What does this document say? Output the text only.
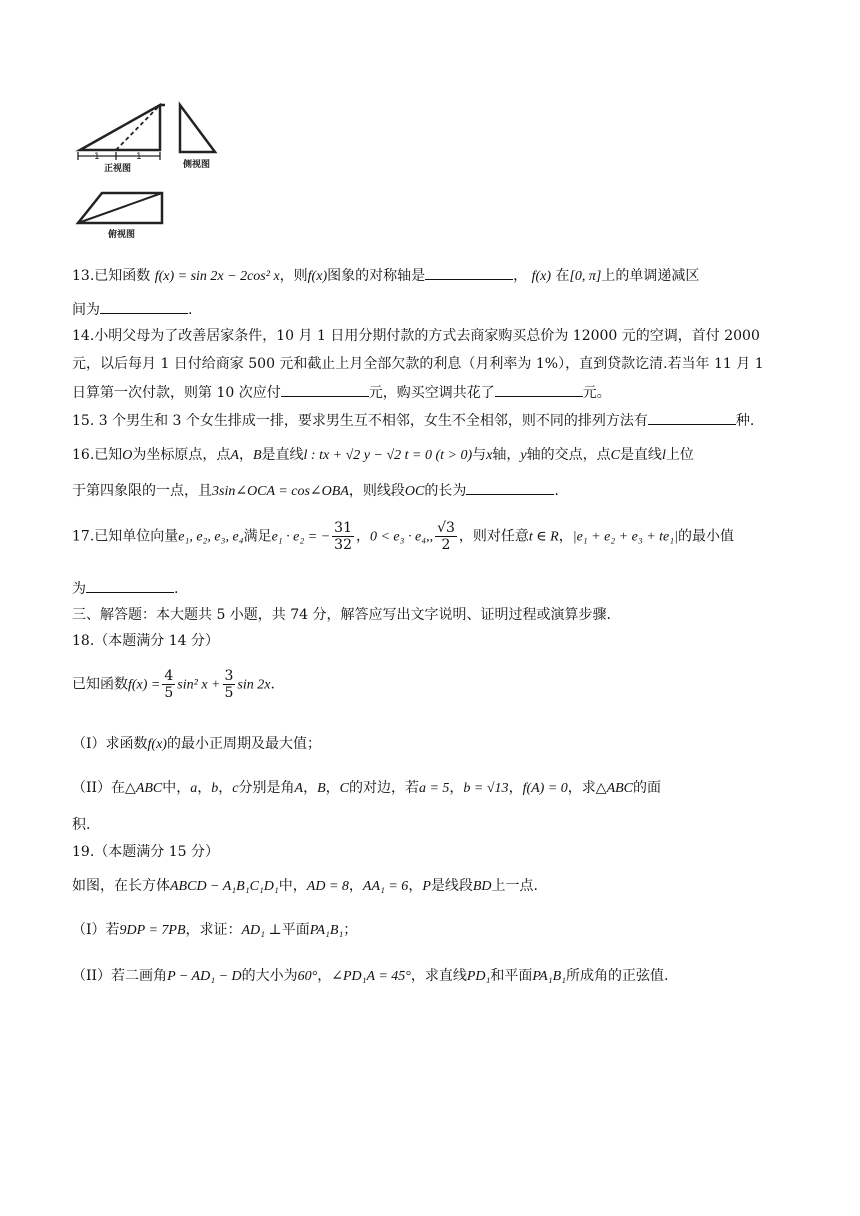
1	1
正视图	侧视图
俯视图
13.已知函数 f(x) = sin 2x − 2cos² x，则f(x)图象的对称轴是	， f(x) 在[0, π]上的单调递减区
间为	.
14.小明父母为了改善居家条件，10 月 1 日用分期付款的方式去商家购买总价为 12000 元的空调，首付 2000
元，以后每月 1 日付给商家 500 元和截止上月全部欠款的利息（月利率为 1%），直到贷款讫清.若当年 11 月 1
日算第一次付款，则第 10 次应付	元，购买空调共花了	元。
15. 3 个男生和 3 个女生排成一排，要求男生互不相邻，女生不全相邻，则不同的排列方法有	种.
16.已知O为坐标原点，点A，B是直线l : tx + √2 y − √2 t = 0 (t > 0)与x轴，y轴的交点，点C是直线l上位
于第四象限的一点，且3sin∠OCA = cos∠OBA，则线段OC的长为	.
17.已知单位向量e₁, e₂, e₃, e₄满足e₁ · e₂ = − $\frac{31}{32}$ ，0 < e₃ · e₄,, $\frac{√3}{2}$ ，则对任意t ∈ R，|e₁ + e₂ + e₃ + te₁|的最小值
为	.
三、解答题：本大题共 5 小题，共 74 分，解答应写出文字说明、证明过程或演算步骤.
18.（本题满分 14 分）
已知函数$f(x) = \frac{4}{5} \sin^2$ $x + \frac{3}{5}$ sin 2x.
（I）求函数f(x)的最小正周期及最大值；
（II）在△ABC中，a，b，c分别是角A，B，C的对边，若a = 5，b = √13，f(A) = 0，求△ABC的面
积.
19.（本题满分 15 分）
如图，在长方体ABCD − A₁B₁C₁D₁中，AD = 8，AA₁ = 6，P是线段BD上一点.
（I）若9DP = 7PB，求证：AD₁ ⊥平面PA₁B₁；
（II）若二画角P − AD₁ − D的大小为60°，∠PD₁A = 45°，求直线PD₁和平面PA₁B₁所成角的正弦值.
